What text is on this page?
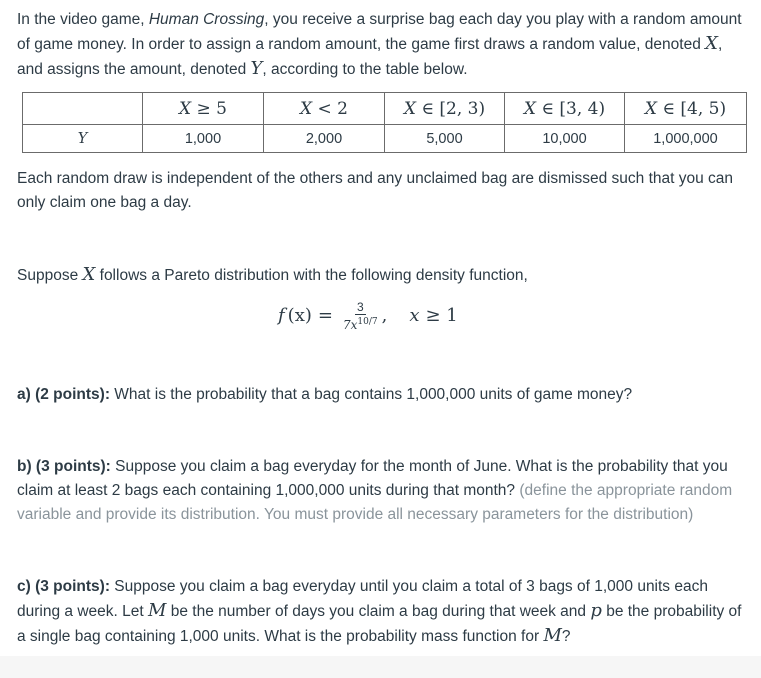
In the video game, Human Crossing, you receive a surprise bag each day you play with a random amount of game money. In order to assign a random amount, the game first draws a random value, denoted X, and assigns the amount, denoted Y, according to the table below.

	X ≥ 5	X < 2	X ∈ [2, 3)	X ∈ [3, 4)	X ∈ [4, 5)
Y	1,000	2,000	5,000	10,000	1,000,000

Each random draw is independent of the others and any unclaimed bag are dismissed such that you can only claim one bag a day.

Suppose X follows a Pareto distribution with the following density function,

f $(x) = \frac{3}{7x^{10/7}}$ , x ≥ 1

a) (2 points): What is the probability that a bag contains 1,000,000 units of game money?

b) (3 points): Suppose you claim a bag everyday for the month of June. What is the probability that you claim at least 2 bags each containing 1,000,000 units during that month? (define the appropriate random variable and provide its distribution. You must provide all necessary parameters for the distribution)

c) (3 points): Suppose you claim a bag everyday until you claim a total of 3 bags of 1,000 units each during a week. Let M be the number of days you claim a bag during that week and p be the probability of a single bag containing 1,000 units. What is the probability mass function for M?
